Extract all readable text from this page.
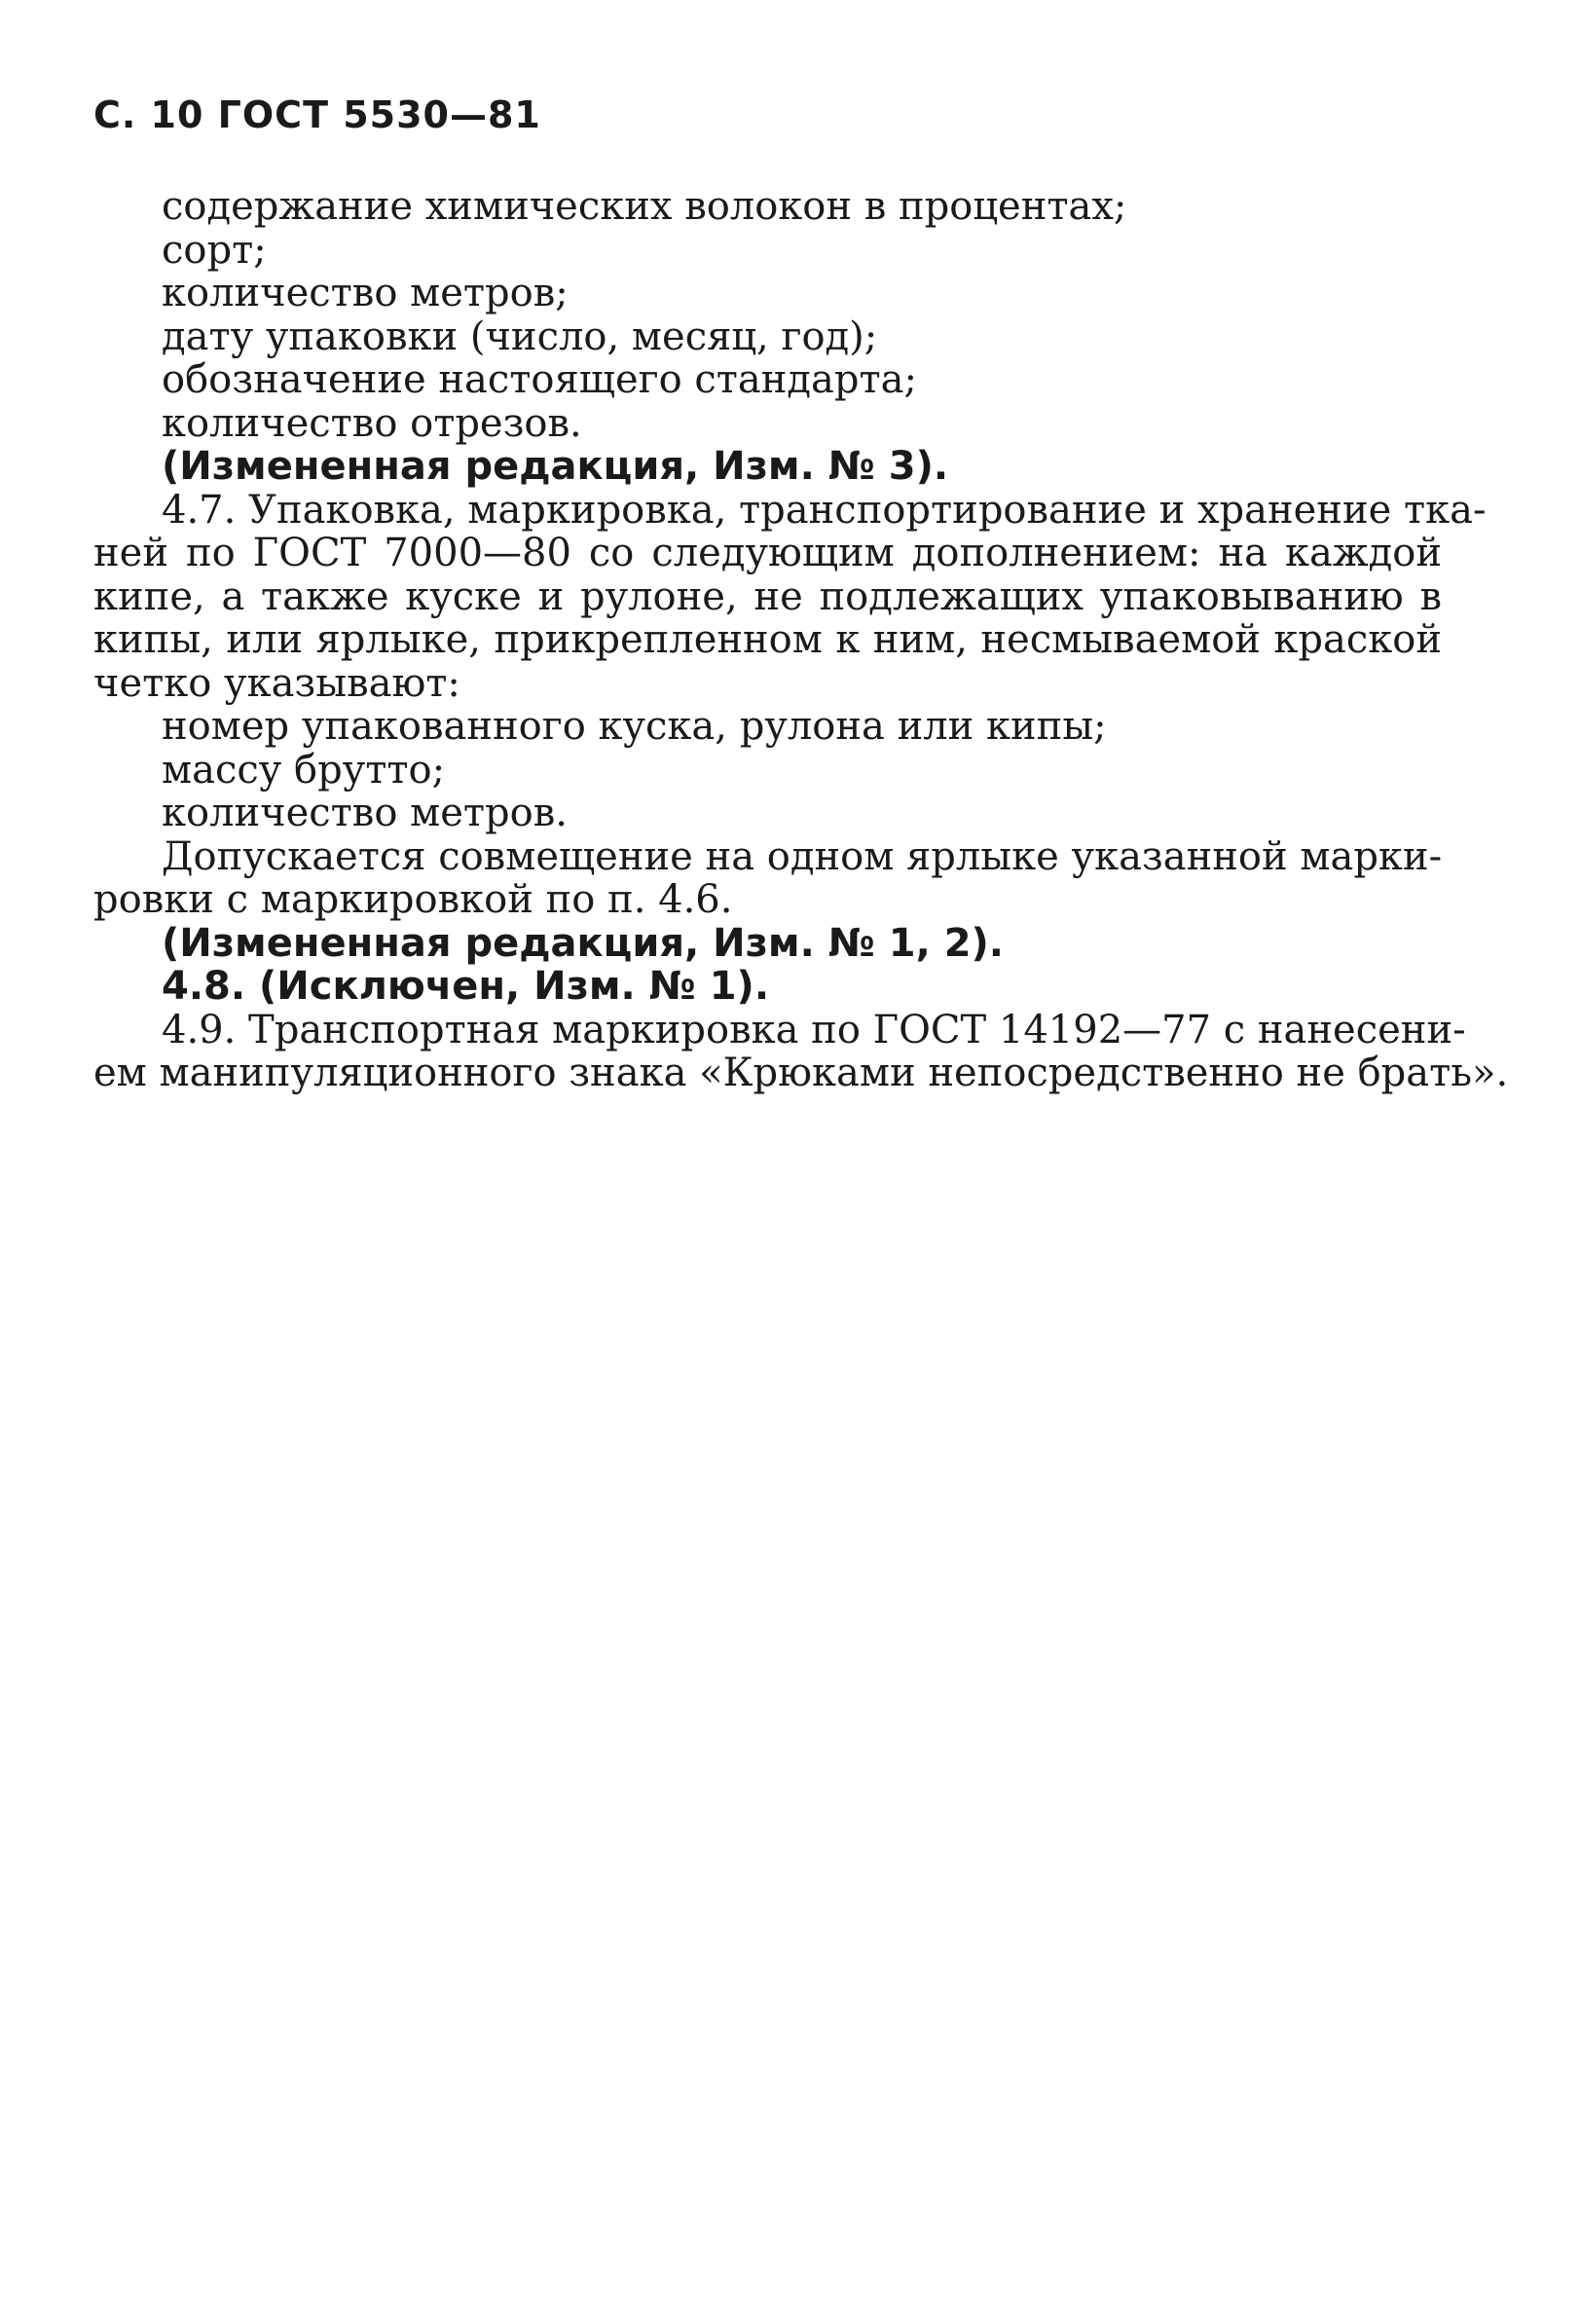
С. 10 ГОСТ 5530—81
содержание химических волокон в процентах;
сорт;
количество метров;
дату упаковки (число, месяц, год);
обозначение настоящего стандарта;
количество отрезов.
(Измененная редакция, Изм. № 3).
4.7. Упаковка, маркировка, транспортирование и хранение тка-
ней по ГОСТ 7000—80 со следующим дополнением: на каждой
кипе, а также куске и рулоне, не подлежащих упаковыванию в
кипы, или ярлыке, прикрепленном к ним, несмываемой краской
четко указывают:
номер упакованного куска, рулона или кипы;
массу брутто;
количество метров.
Допускается совмещение на одном ярлыке указанной марки-
ровки с маркировкой по п. 4.6.
(Измененная редакция, Изм. № 1, 2).
4.8. (Исключен, Изм. № 1).
4.9. Транспортная маркировка по ГОСТ 14192—77 с нанесени-
ем манипуляционного знака «Крюками непосредственно не брать».
